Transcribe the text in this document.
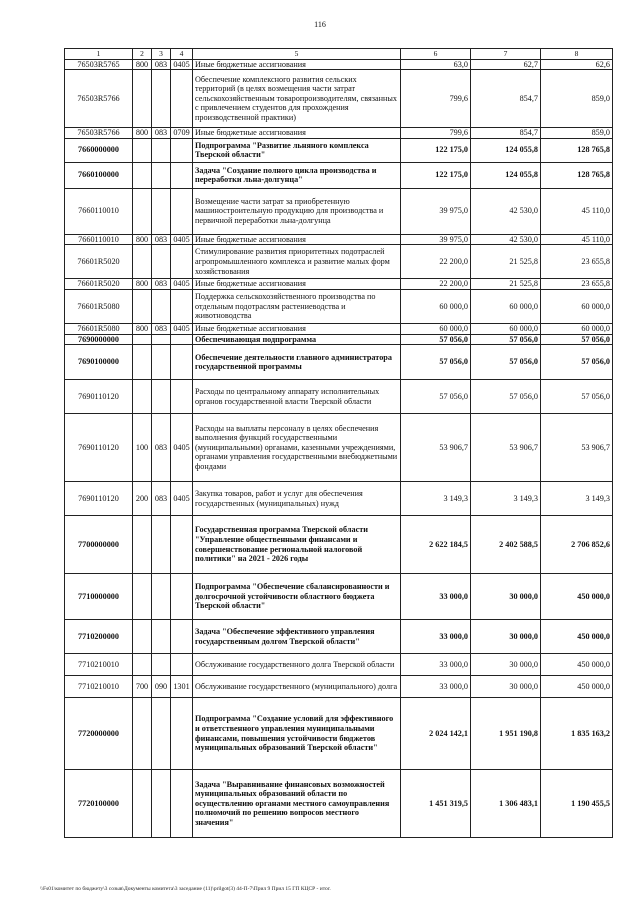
116
1	2	3	4	5	6	7	8
76503R5765	800	083	0405	Иные бюджетные ассигнования	63,0	62,7	62,6
76503R5766				Обеспечение комплексного развития сельских территорий (в целях возмещения части затрат сельскохозяйственным товаропроизводителям, связанных с привлечением студентов для прохождения производственной практики)	799,6	854,7	859,0
76503R5766	800	083	0709	Иные бюджетные ассигнования	799,6	854,7	859,0
7660000000				Подпрограмма "Развитие льняного комплекса Тверской области"	122 175,0	124 055,8	128 765,8
7660100000				Задача "Создание полного цикла производства и переработки льна-долгунца"	122 175,0	124 055,8	128 765,8
7660110010				Возмещение части затрат за приобретенную машиностроительную продукцию для производства и первичной переработки льна-долгунца	39 975,0	42 530,0	45 110,0
7660110010	800	083	0405	Иные бюджетные ассигнования	39 975,0	42 530,0	45 110,0
76601R5020				Стимулирование развития приоритетных подотраслей агропромышленного комплекса и развитие малых форм хозяйствования	22 200,0	21 525,8	23 655,8
76601R5020	800	083	0405	Иные бюджетные ассигнования	22 200,0	21 525,8	23 655,8
76601R5080				Поддержка сельскохозяйственного производства по отдельным подотраслям растениеводства и животноводства	60 000,0	60 000,0	60 000,0
76601R5080	800	083	0405	Иные бюджетные ассигнования	60 000,0	60 000,0	60 000,0
7690000000				Обеспечивающая подпрограмма	57 056,0	57 056,0	57 056,0
7690100000				Обеспечение деятельности главного администратора государственной программы	57 056,0	57 056,0	57 056,0
7690110120				Расходы по центральному аппарату исполнительных органов государственной власти Тверской области	57 056,0	57 056,0	57 056,0
7690110120	100	083	0405	Расходы на выплаты персоналу в целях обеспечения выполнения функций государственными (муниципальными) органами, казенными учреждениями, органами управления государственными внебюджетными фондами	53 906,7	53 906,7	53 906,7
7690110120	200	083	0405	Закупка товаров, работ и услуг для обеспечения государственных (муниципальных) нужд	3 149,3	3 149,3	3 149,3
7700000000				Государственная программа Тверской области "Управление общественными финансами и совершенствование региональной налоговой политики" на 2021 - 2026 годы	2 622 184,5	2 402 588,5	2 706 852,6
7710000000				Подпрограмма "Обеспечение сбалансированности и долгосрочной устойчивости областного бюджета Тверской области"	33 000,0	30 000,0	450 000,0
7710200000				Задача "Обеспечение эффективного управления государственным долгом Тверской области"	33 000,0	30 000,0	450 000,0
7710210010				Обслуживание государственного долга Тверской области	33 000,0	30 000,0	450 000,0
7710210010	700	090	1301	Обслуживание государственного (муниципального) долга	33 000,0	30 000,0	450 000,0
7720000000				Подпрограмма "Создание условий для эффективного и ответственного управления муниципальными финансами, повышения устойчивости бюджетов муниципальных образований Тверской области"	2 024 142,1	1 951 190,8	1 835 163,2
7720100000				Задача "Выравнивание финансовых возможностей муниципальных образований области по осуществлению органами местного самоуправления полномочий по решению вопросов местного значения"	1 451 319,5	1 306 483,1	1 190 455,5
\\Fs01\комитет по бюджету\3 созыв\Документы комитета\3 заседание (11)\prilgot(3) 44-П-7\Прил 9 Прил 15 ГП КЦСР - итог.
